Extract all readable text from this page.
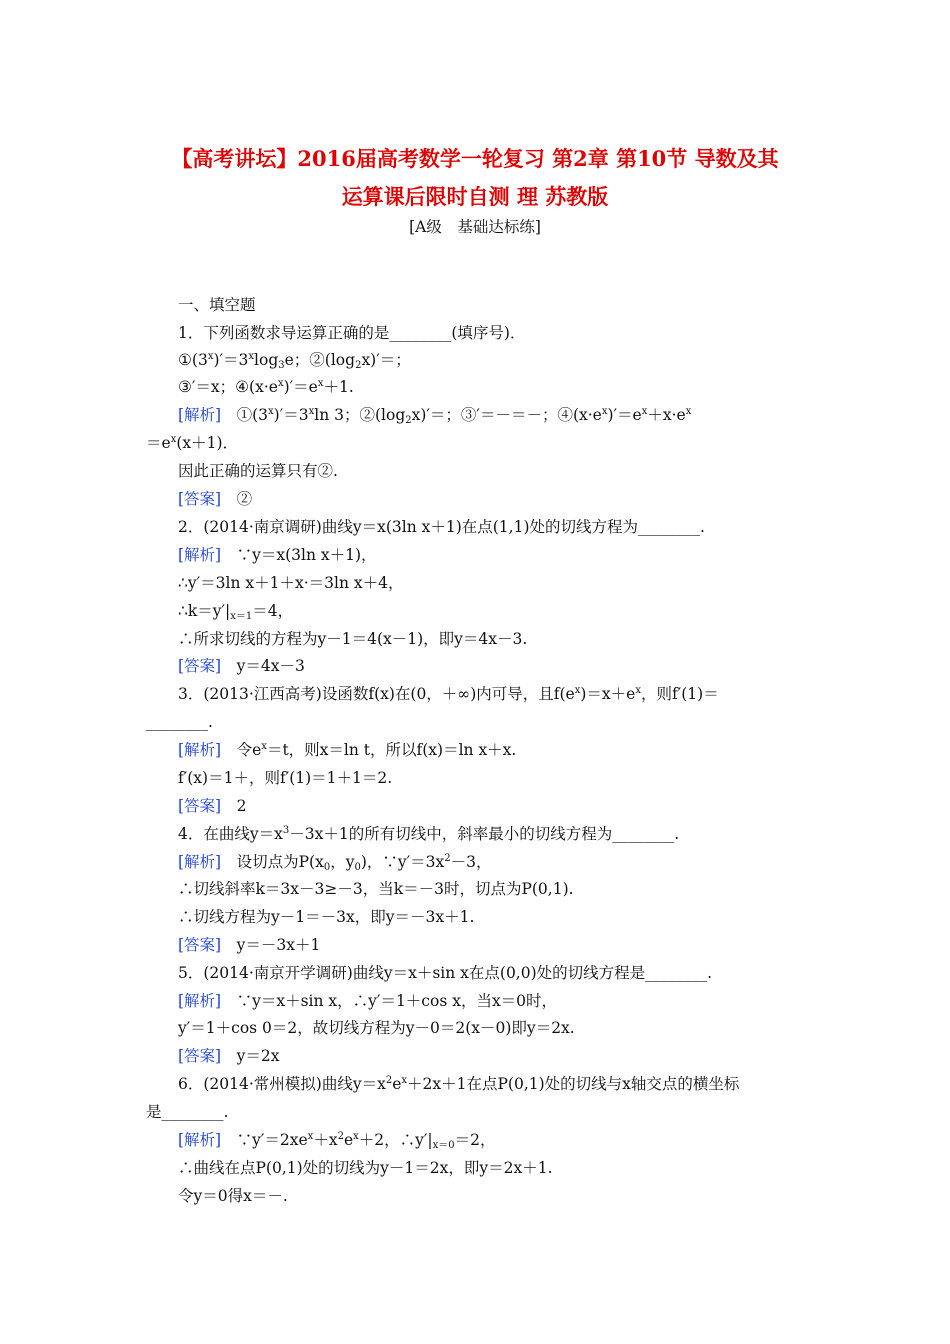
【高考讲坛】2016届高考数学一轮复习 第2章 第10节 导数及其
运算课后限时自测 理 苏教版
[A级　基础达标练]
一、填空题
1．下列函数求导运算正确的是________(填序号)．
$①(3^x)'=3^x\log_3e$；$②(\log_2x)'=$；
③′＝x；$④(x\cdot e^x)'=e^x+1$.
[解析]　$①(3^x)'=3^x\ln$ 3；$②(\log_2x)'=$；③′＝－＝－；$④(x\cdot e^x)'=e^x+x\cdot e^x$
$=e^x(x+1)$．
因此正确的运算只有②.
[答案]　②
2．(2014·南京调研)曲线y＝x(3ln x＋1)在点(1,1)处的切线方程为________.
[解析]　∵y＝x(3ln x＋1)，
∴y′＝3ln x＋1＋x·＝3ln x＋4，
$\therefore k=y'|_{x=1}=4$，
∴所求切线的方程为y－1＝4(x－1)，即y＝4x－3.
[答案]　y＝4x－3
3．(2013·江西高考)设函数f(x)在(0，＋∞)内可导，且$f(e^x)=x+e^x$，则f′(1)＝
________.
[解析]　令$e^x=t$，则x＝ln t，所以f(x)＝ln x＋x.
f′(x)＝1＋，则f′(1)＝1＋1＝2.
[答案]　2
4．在曲线$y=x^3-3x+1$的所有切线中，斜率最小的切线方程为________.
[解析]　设切点为$P(x_0$，$y_0$)，$\because y'=3x^2-3$，
∴切线斜率k＝3x－3≥－3，当k＝－3时，切点为P(0,1).
∴切线方程为y－1＝－3x，即y＝－3x＋1.
[答案]　y＝－3x＋1
5．(2014·南京开学调研)曲线y＝x＋sin x在点(0,0)处的切线方程是________.
[解析]　∵y＝x＋sin x，∴y′＝1＋cos x，当x＝0时，
y′＝1＋cos 0＝2，故切线方程为y－0＝2(x－0)即y＝2x.
[答案]　y＝2x
6．(2014·常州模拟)曲线$y=x^2e^x+2x+1$在点P(0,1)处的切线与x轴交点的横坐标
是________.
[解析]　$\because y'=2xe^x+x^2e^x+2$，$\therefore y'|_{x=0}=2$，
∴曲线在点P(0,1)处的切线为y－1＝2x，即y＝2x＋1.
令y＝0得x＝－.
